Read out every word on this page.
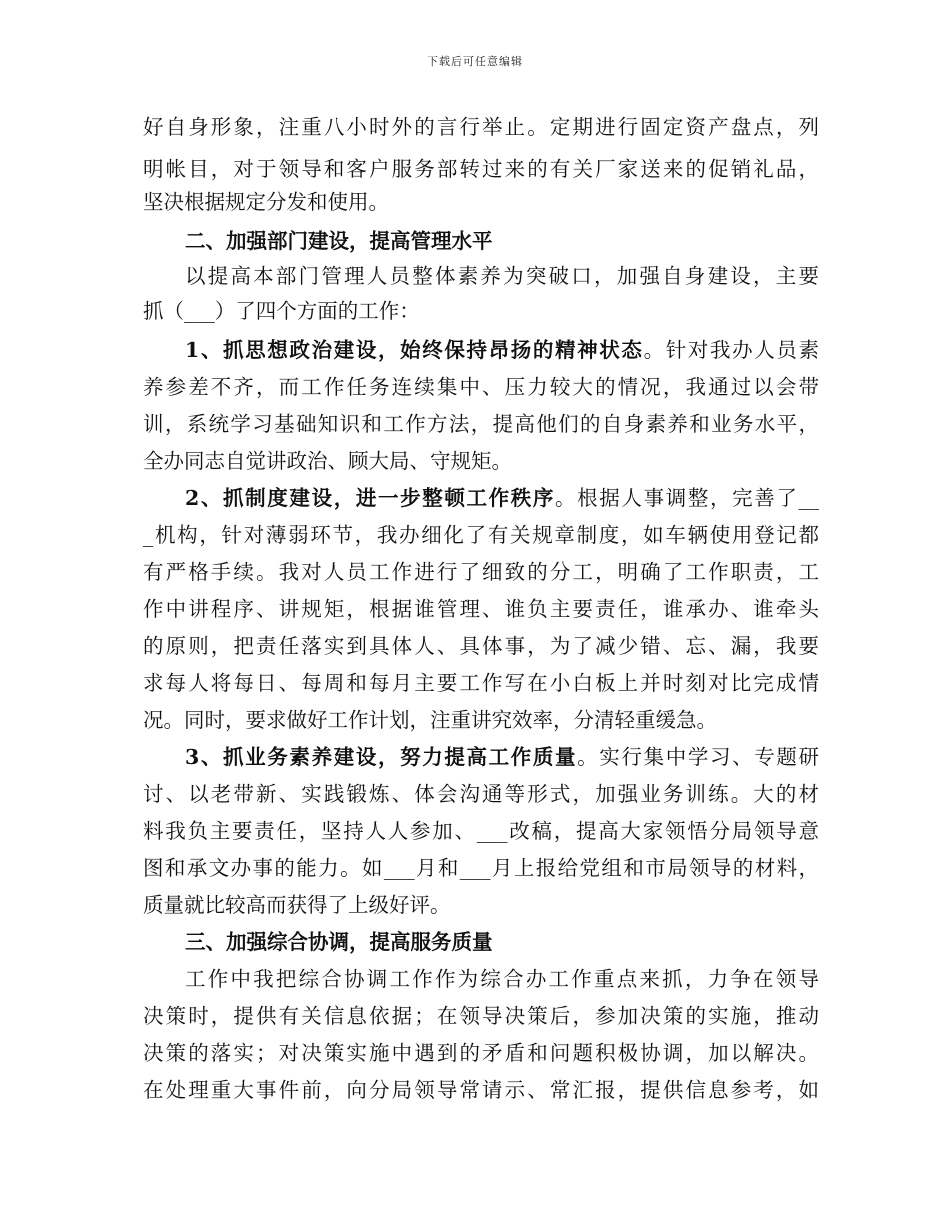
下载后可任意编辑
好自身形象，注重八小时外的言行举止。定期进行固定资产盘点，列
明帐目，对于领导和客户服务部转过来的有关厂家送来的促销礼品，
坚决根据规定分发和使用。
二、加强部门建设，提高管理水平
以提高本部门管理人员整体素养为突破口，加强自身建设，主要
抓（___）了四个方面的工作：
1、抓思想政治建设，始终保持昂扬的精神状态。针对我办人员素
养参差不齐，而工作任务连续集中、压力较大的情况，我通过以会带
训，系统学习基础知识和工作方法，提高他们的自身素养和业务水平，
全办同志自觉讲政治、顾大局、守规矩。
2、抓制度建设，进一步整顿工作秩序。根据人事调整，完善了__
_机构，针对薄弱环节，我办细化了有关规章制度，如车辆使用登记都
有严格手续。我对人员工作进行了细致的分工，明确了工作职责，工
作中讲程序、讲规矩，根据谁管理、谁负主要责任，谁承办、谁牵头
的原则，把责任落实到具体人、具体事，为了减少错、忘、漏，我要
求每人将每日、每周和每月主要工作写在小白板上并时刻对比完成情
况。同时，要求做好工作计划，注重讲究效率，分清轻重缓急。
3、抓业务素养建设，努力提高工作质量。实行集中学习、专题研
讨、以老带新、实践锻炼、体会沟通等形式，加强业务训练。大的材
料我负主要责任，坚持人人参加、___改稿，提高大家领悟分局领导意
图和承文办事的能力。如___月和___月上报给党组和市局领导的材料，
质量就比较高而获得了上级好评。
三、加强综合协调，提高服务质量
工作中我把综合协调工作作为综合办工作重点来抓，力争在领导
决策时，提供有关信息依据；在领导决策后，参加决策的实施，推动
决策的落实；对决策实施中遇到的矛盾和问题积极协调，加以解决。
在处理重大事件前，向分局领导常请示、常汇报，提供信息参考，如
